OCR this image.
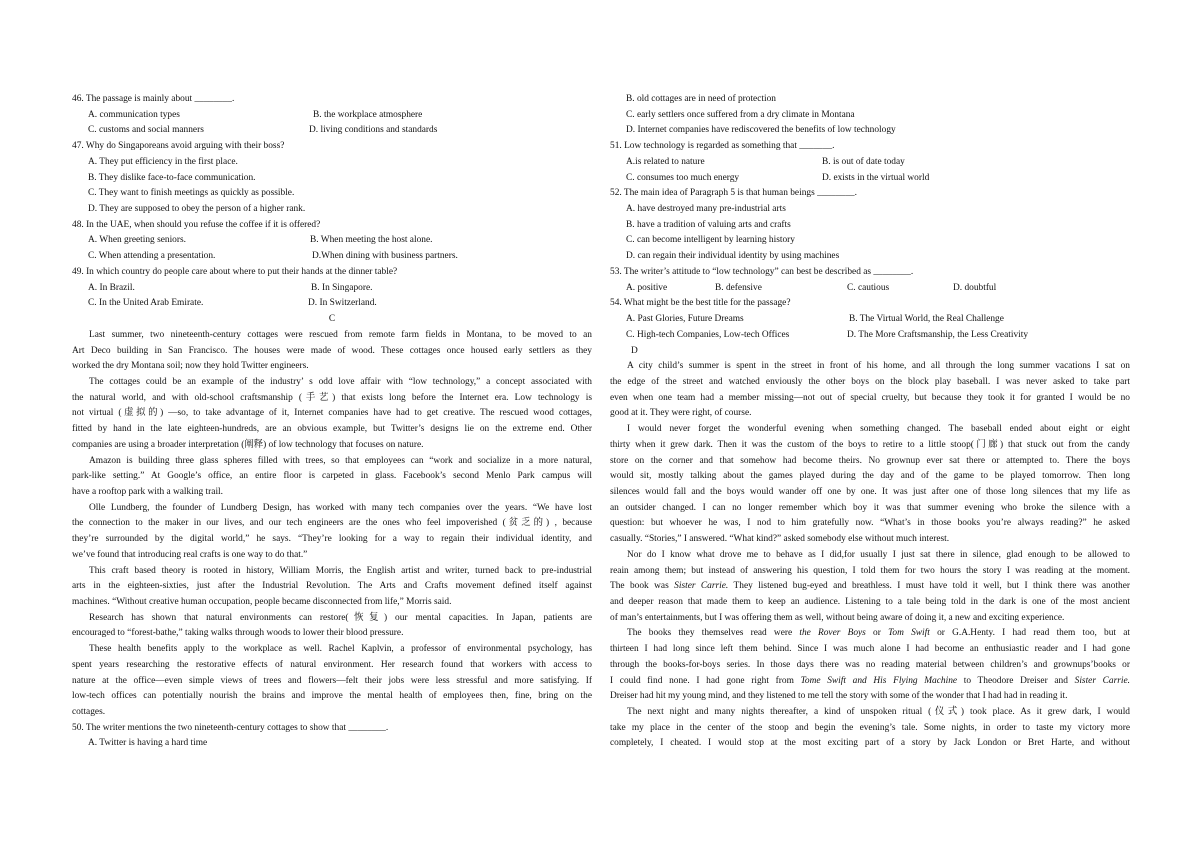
46. The passage is mainly about ________.
A. communication types	B. the workplace atmosphere
C. customs and social manners	D. living conditions and standards
47. Why do Singaporeans avoid arguing with their boss?
A. They put efficiency in the first place.
B. They dislike face-to-face communication.
C. They want to finish meetings as quickly as possible.
D. They are supposed to obey the person of a higher rank.
48. In the UAE, when should you refuse the coffee if it is offered?
A. When greeting seniors.	B. When meeting the host alone.
C. When attending a presentation.	D.When dining with business partners.
49. In which country do people care about where to put their hands at the dinner table?
A. In Brazil.	B. In Singapore.
C. In the United Arab Emirate.	D. In Switzerland.
C
Last summer, two nineteenth-century cottages were rescued from remote farm fields in Montana, to be moved to an
Art Deco building in San Francisco. The houses were made of wood. These cottages once housed early settlers as they
worked the dry Montana soil; now they hold Twitter engineers.
The cottages could be an example of the industry’ s odd love affair with “low technology,” a concept associated with
the natural world, and with old-school craftsmanship (手艺) that exists long before the Internet era. Low technology is
not virtual (虚拟的) —so, to take advantage of it, Internet companies have had to get creative. The rescued wood cottages,
fitted by hand in the late eighteen-hundreds, are an obvious example, but Twitter’s designs lie on the extreme end. Other
companies are using a broader interpretation (阐释) of low technology that focuses on nature.
Amazon is building three glass spheres filled with trees, so that employees can “work and socialize in a more natural,
park-like setting.” At Google’s office, an entire floor is carpeted in glass. Facebook’s second Menlo Park campus will
have a rooftop park with a walking trail.
Olle Lundberg, the founder of Lundberg Design, has worked with many tech companies over the years. “We have lost
the connection to the maker in our lives, and our tech engineers are the ones who feel impoverished (贫乏的) , because
they’re surrounded by the digital world,” he says. “They’re looking for a way to regain their individual identity, and
we’ve found that introducing real crafts is one way to do that.”
This craft based theory is rooted in history, William Morris, the English artist and writer, turned back to pre-industrial
arts in the eighteen-sixties, just after the Industrial Revolution. The Arts and Crafts movement defined itself against
machines. “Without creative human occupation, people became disconnected from life,” Morris said.
Research has shown that natural environments can restore(恢复) our mental capacities. In Japan, patients are
encouraged to “forest-bathe,” taking walks through woods to lower their blood pressure.
These health benefits apply to the workplace as well. Rachel Kaplvin, a professor of environmental psychology, has
spent years researching the restorative effects of natural environment. Her research found that workers with access to
nature at the office—even simple views of trees and flowers—felt their jobs were less stressful and more satisfying. If
low-tech offices can potentially nourish the brains and improve the mental health of employees then, fine, bring on the
cottages.
50. The writer mentions the two nineteenth-century cottages to show that ________.
A. Twitter is having a hard time
B. old cottages are in need of protection
C. early settlers once suffered from a dry climate in Montana
D. Internet companies have rediscovered the benefits of low technology
51. Low technology is regarded as something that _______.
A.is related to nature	B. is out of date today
C. consumes too much energy	D. exists in the virtual world
52. The main idea of Paragraph 5 is that human beings ________.
A. have destroyed many pre-industrial arts
B. have a tradition of valuing arts and crafts
C. can become intelligent by learning history
D. can regain their individual identity by using machines
53. The writer’s attitude to “low technology” can best be described as ________.
A. positive	B. defensive	C. cautious	D. doubtful
54. What might be the best title for the passage?
A. Past Glories, Future Dreams	B. The Virtual World, the Real Challenge
C. High-tech Companies, Low-tech Offices	D. The More Craftsmanship, the Less Creativity
D
A city child’s summer is spent in the street in front of his home, and all through the long summer vacations I sat on
the edge of the street and watched enviously the other boys on the block play baseball. I was never asked to take part
even when one team had a member missing—not out of special cruelty, but because they took it for granted I would be no
good at it. They were right, of course.
I would never forget the wonderful evening when something changed. The baseball ended about eight or eight
thirty when it grew dark. Then it was the custom of the boys to retire to a little stoop(门廊) that stuck out from the candy
store on the corner and that somehow had become theirs. No grownup ever sat there or attempted to. There the boys
would sit, mostly talking about the games played during the day and of the game to be played tomorrow. Then long
silences would fall and the boys would wander off one by one. It was just after one of those long silences that my life as
an outsider changed. I can no longer remember which boy it was that summer evening who broke the silence with a
question: but whoever he was, I nod to him gratefully now. “What’s in those books you’re always reading?” he asked
casually. “Stories,” I answered. “What kind?” asked somebody else without much interest.
Nor do I know what drove me to behave as I did,for usually I just sat there in silence, glad enough to be allowed to
reain among them; but instead of answering his question, I told them for two hours the story I was reading at the moment.
The book was Sister Carrie. They listened bug-eyed and breathless. I must have told it well, but I think there was another
and deeper reason that made them to keep an audience. Listening to a tale being told in the dark is one of the most ancient
of man’s entertainments, but I was offering them as well, without being aware of doing it, a new and exciting experience.
The books they themselves read were the Rover Boys or Tom Swift or G.A.Henty. I had read them too, but at
thirteen I had long since left them behind. Since I was much alone I had become an enthusiastic reader and I had gone
through the books-for-boys series. In those days there was no reading material between children’s and grownups’books or
I could find none. I had gone right from Tome Swift and His Flying Machine to Theodore Dreiser and Sister Carrie.
Dreiser had hit my young mind, and they listened to me tell the story with some of the wonder that I had had in reading it.
The next night and many nights thereafter, a kind of unspoken ritual (仪式) took place. As it grew dark, I would
take my place in the center of the stoop and begin the evening’s tale. Some nights, in order to taste my victory more
completely, I cheated. I would stop at the most exciting part of a story by Jack London or Bret Harte, and without
